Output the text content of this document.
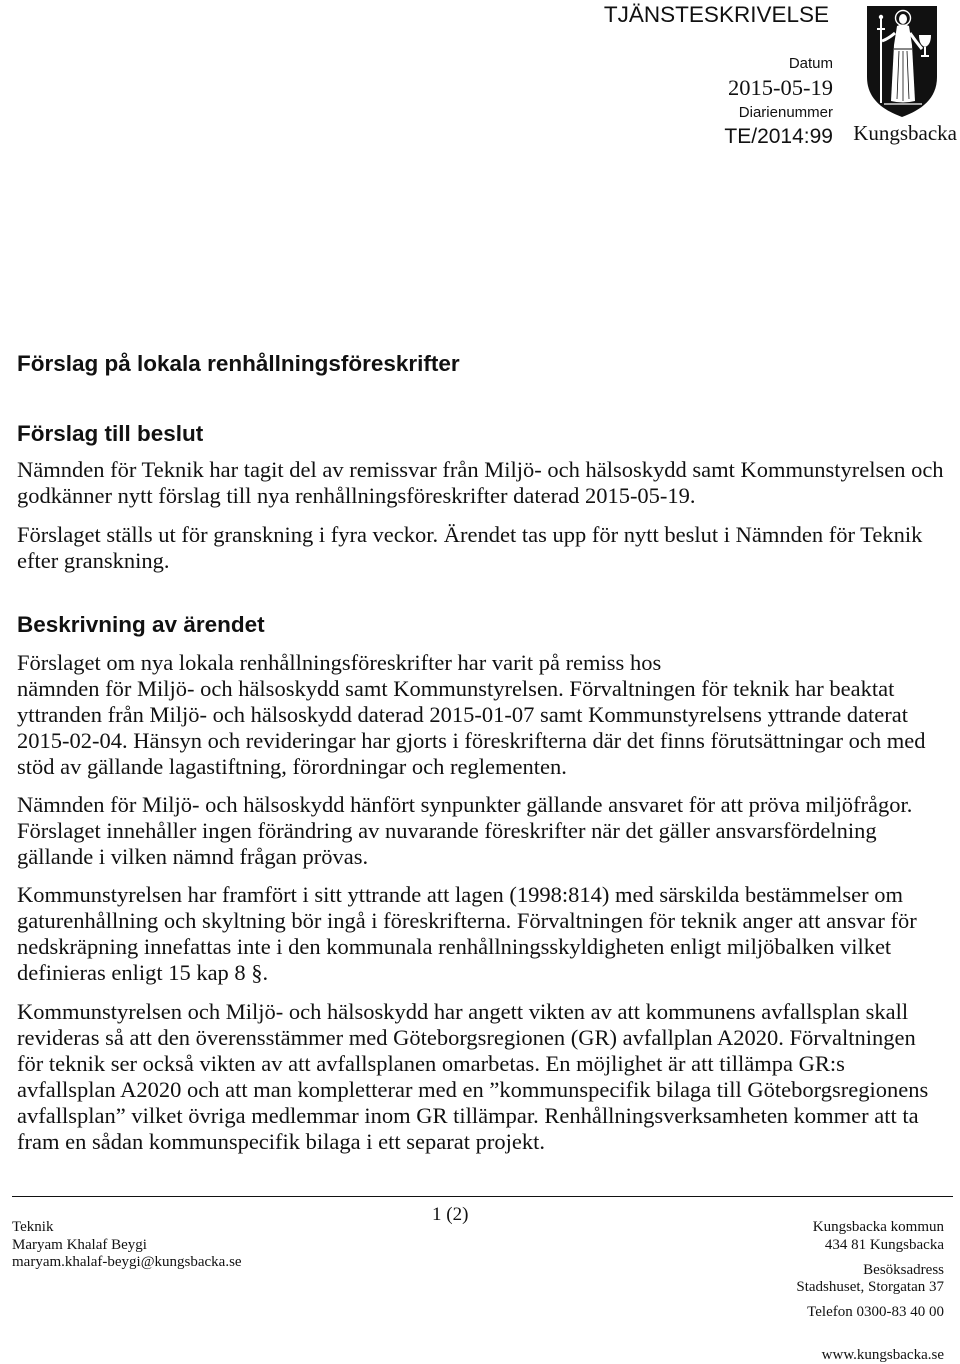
TJÄNSTESKRIVELSE
Datum
2015-05-19
Diarienummer
TE/2014:99 Kungsbacka
Förslag på lokala renhållningsföreskrifter
Förslag till beslut
Nämnden för Teknik har tagit del av remissvar från Miljö- och hälsoskydd samt Kommunstyrelsen och
godkänner nytt förslag till nya renhållningsföreskrifter daterad 2015-05-19.
Förslaget ställs ut för granskning i fyra veckor. Ärendet tas upp för nytt beslut i Nämnden för Teknik
efter granskning.
Beskrivning av ärendet
Förslaget om nya lokala renhållningsföreskrifter har varit på remiss hos
nämnden för Miljö- och hälsoskydd samt Kommunstyrelsen. Förvaltningen för teknik har beaktat
yttranden från Miljö- och hälsoskydd daterad 2015-01-07 samt Kommunstyrelsens yttrande daterat
2015-02-04. Hänsyn och revideringar har gjorts i föreskrifterna där det finns förutsättningar och med
stöd av gällande lagastiftning, förordningar och reglementen.
Nämnden för Miljö- och hälsoskydd hänfört synpunkter gällande ansvaret för att pröva miljöfrågor.
Förslaget innehåller ingen förändring av nuvarande föreskrifter när det gäller ansvarsfördelning
gällande i vilken nämnd frågan prövas.
Kommunstyrelsen har framfört i sitt yttrande att lagen (1998:814) med särskilda bestämmelser om
gaturenhållning och skyltning bör ingå i föreskrifterna. Förvaltningen för teknik anger att ansvar för
nedskräpning innefattas inte i den kommunala renhållningsskyldigheten enligt miljöbalken vilket
definieras enligt 15 kap 8 §.
Kommunstyrelsen och Miljö- och hälsoskydd har angett vikten av att kommunens avfallsplan skall
revideras så att den överensstämmer med Göteborgsregionen (GR) avfallplan A2020. Förvaltningen
för teknik ser också vikten av att avfallsplanen omarbetas. En möjlighet är att tillämpa GR:s
avfallsplan A2020 och att man kompletterar med en ”kommunspecifik bilaga till Göteborgsregionens
avfallsplan” vilket övriga medlemmar inom GR tillämpar. Renhållningsverksamheten kommer att ta
fram en sådan kommunspecifik bilaga i ett separat projekt.
1 (2)
Teknik
Maryam Khalaf Beygi
maryam.khalaf-beygi@kungsbacka.se
Kungsbacka kommun
434 81 Kungsbacka
Besöksadress
Stadshuset, Storgatan 37
Telefon 0300-83 40 00
www.kungsbacka.se
